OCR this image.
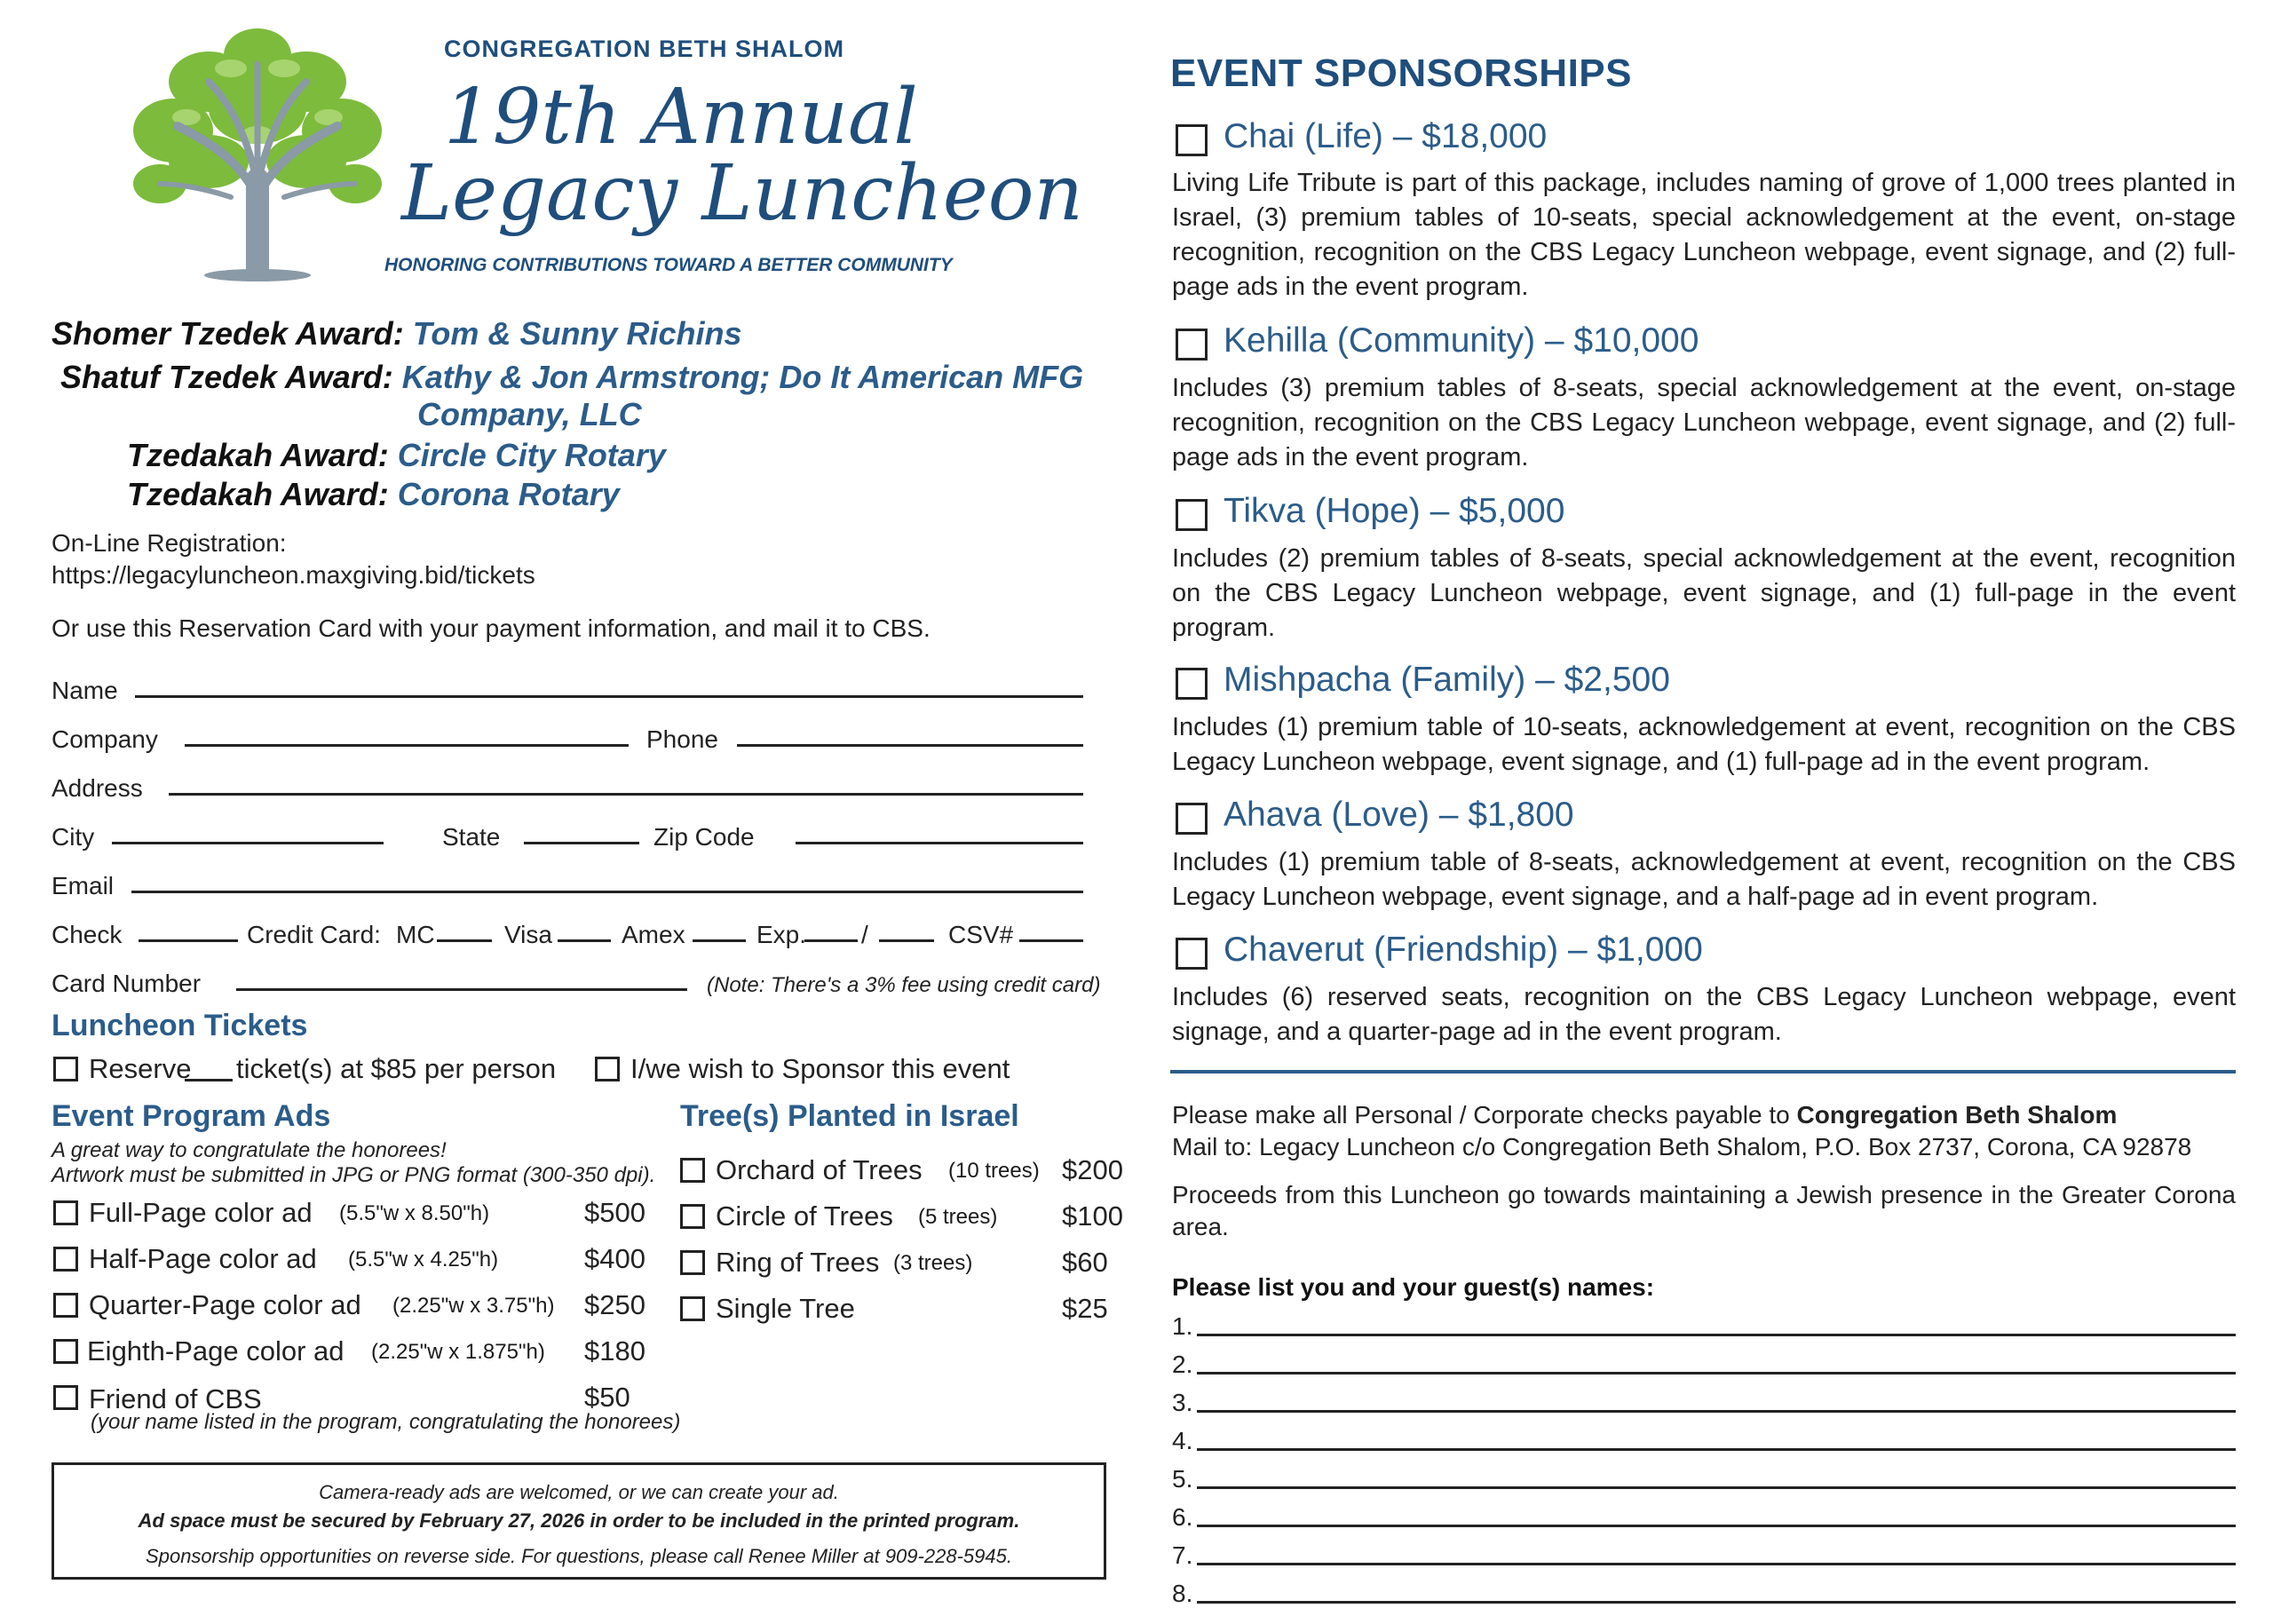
CONGREGATION BETH SHALOM
19th Annual
Legacy Luncheon
HONORING CONTRIBUTIONS TOWARD A BETTER COMMUNITY
Shomer Tzedek Award: Tom & Sunny Richins
Shatuf Tzedek Award: Kathy & Jon Armstrong; Do It American MFG
Company, LLC
Tzedakah Award: Circle City Rotary
Tzedakah Award: Corona Rotary
On-Line Registration:
https://legacyluncheon.maxgiving.bid/tickets
Or use this Reservation Card with your payment information, and mail it to CBS.
Name
Company	Phone
Address
City	State	Zip Code
Email
Check	Credit Card: MC	Visa	Amex	Exp. /	CSV#
Card Number	(Note: There's a 3% fee using credit card)
Luncheon Tickets
Reserve ticket(s) at $85 per person	I/we wish to Sponsor this event
Event Program Ads
A great way to congratulate the honorees!
Artwork must be submitted in JPG or PNG format (300-350 dpi).
Full-Page color ad (5.5"w x 8.50"h)	$500
Half-Page color ad (5.5"w x 4.25"h)	$400
Quarter-Page color ad (2.25"w x 3.75"h) $250
Eighth-Page color ad (2.25"w x 1.875"h) $180
Friend of CBS	$50
(your name listed in the program, congratulating the honorees)
Tree(s) Planted in Israel
Orchard of Trees (10 trees) $200
Circle of Trees (5 trees) $100
Ring of Trees (3 trees)	$60
Single Tree	$25
Camera-ready ads are welcomed, or we can create your ad.
Ad space must be secured by February 27, 2026 in order to be included in the printed program.
Sponsorship opportunities on reverse side. For questions, please call Renee Miller at 909-228-5945.
EVENT SPONSORSHIPS
Chai (Life) – $18,000
Living Life Tribute is part of this package, includes naming of grove of 1,000 trees planted in Israel, (3) premium tables of 10-seats, special acknowledgement at the event, on-stage recognition, recognition on the CBS Legacy Luncheon webpage, event signage, and (2) full-page ads in the event program.
Kehilla (Community) – $10,000
Includes (3) premium tables of 8-seats, special acknowledgement at the event, on-stage recognition, recognition on the CBS Legacy Luncheon webpage, event signage, and (2) full-page ads in the event program.
Tikva (Hope) – $5,000
Includes (2) premium tables of 8-seats, special acknowledgement at the event, recognition on the CBS Legacy Luncheon webpage, event signage, and (1) full-page in the event program.
Mishpacha (Family) – $2,500
Includes (1) premium table of 10-seats, acknowledgement at event, recognition on the CBS Legacy Luncheon webpage, event signage, and (1) full-page ad in the event program.
Ahava (Love) – $1,800
Includes (1) premium table of 8-seats, acknowledgement at event, recognition on the CBS Legacy Luncheon webpage, event signage, and a half-page ad in event program.
Chaverut (Friendship) – $1,000
Includes (6) reserved seats, recognition on the CBS Legacy Luncheon webpage, event signage, and a quarter-page ad in the event program.
Please make all Personal / Corporate checks payable to Congregation Beth Shalom
Mail to: Legacy Luncheon c/o Congregation Beth Shalom, P.O. Box 2737, Corona, CA 92878
Proceeds from this Luncheon go towards maintaining a Jewish presence in the Greater Corona area.
Please list you and your guest(s) names:
1.
2.
3.
4.
5.
6.
7.
8.
